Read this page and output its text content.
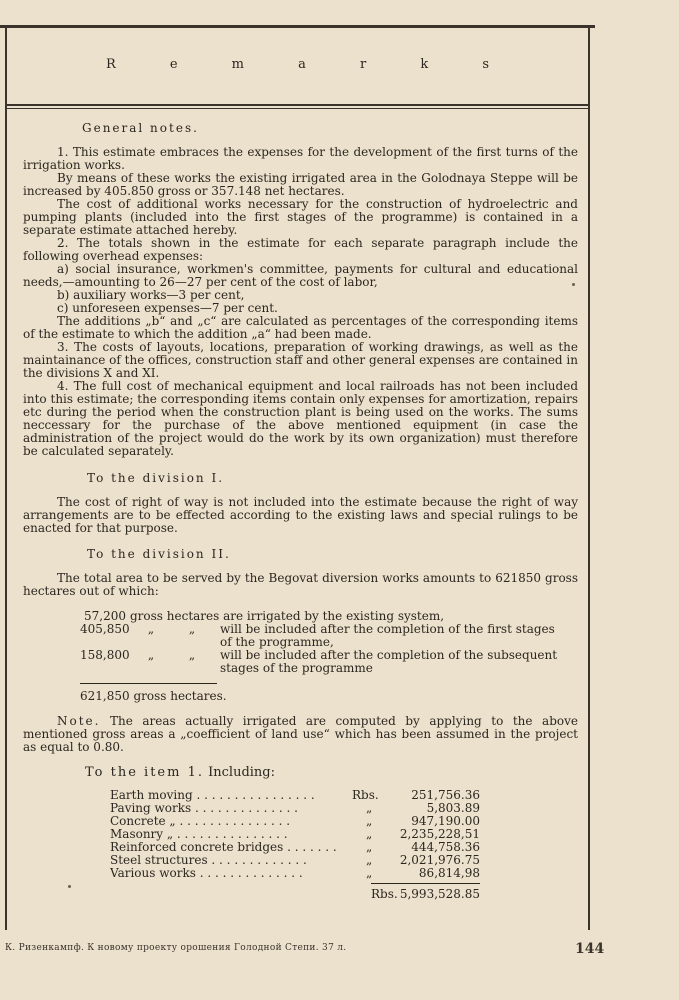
R e m a r k s

General notes.

1. This estimate embraces the expenses for the development of the first turns of the irrigation works.

By means of these works the existing irrigated area in the Golodnaya Steppe will be increased by 405.850 gross or 357.148 net hectares.

The cost of additional works necessary for the construction of hydroelectric and pumping plants (included into the first stages of the programme) is contained in a separate estimate attached hereby.

2. The totals shown in the estimate for each separate paragraph include the following overhead expenses:

a) social insurance, workmen's committee, payments for cultural and educational needs,—amounting to 26—27 per cent of the cost of labor,

b) auxiliary works—3 per cent,

c) unforeseen expenses—7 per cent.

The additions „b“ and „c“ are calculated as percentages of the corresponding items of the estimate to which the addition „a“ had been made.

3. The costs of layouts, locations, preparation of working drawings, as well as the maintainance of the offices, construction staff and other general expenses are contained in the divisions X and XI.

4. The full cost of mechanical equipment and local railroads has not been included into this estimate; the corresponding items contain only expenses for amortization, repairs etc during the period when the construction plant is being used on the works. The sums neccessary for the purchase of the above mentioned equipment (in case the administration of the project would do the work by its own organization) must therefore be calculated separately.

To the division I.

The cost of right of way is not included into the estimate because the right of way arrangements are to be effected according to the existing laws and special rulings to be enacted for that purpose.

To the division II.

The total area to be served by the Begovat diversion works amounts to 621850 gross hectares out of which:

57,200 gross hectares are irrigated by the existing system,
405,850	„	„	will be included after the completion of the first stages
of the programme,
158,800	„	„	will be included after the completion of the subsequent
stages of the programme

621,850 gross hectares.

Note. The areas actually irrigated are computed by applying to the above mentioned gross areas a „coefficient of land use“ which has been assumed in the project as equal to 0.80.

To the item 1. Including:

Earth moving . . . . . . . . . . . . . . . .	Rbs.	251,756.36
Paving works . . . . . . . . . . . . . .	„	5,803.89
Concrete „ . . . . . . . . . . . . . . .	„	947,190.00
Masonry „ . . . . . . . . . . . . . . .	„	2,235,228,51
Reinforced concrete bridges . . . . . . .	„	444,758.36
Steel structures . . . . . . . . . . . . .	„	2,021,976.75
Various works . . . . . . . . . . . . . .	„	86,814,98
Rbs. 5,993,528.85
К. Ризенкампф. К новому проекту орошения Голодной Степи. 37 л.	144
